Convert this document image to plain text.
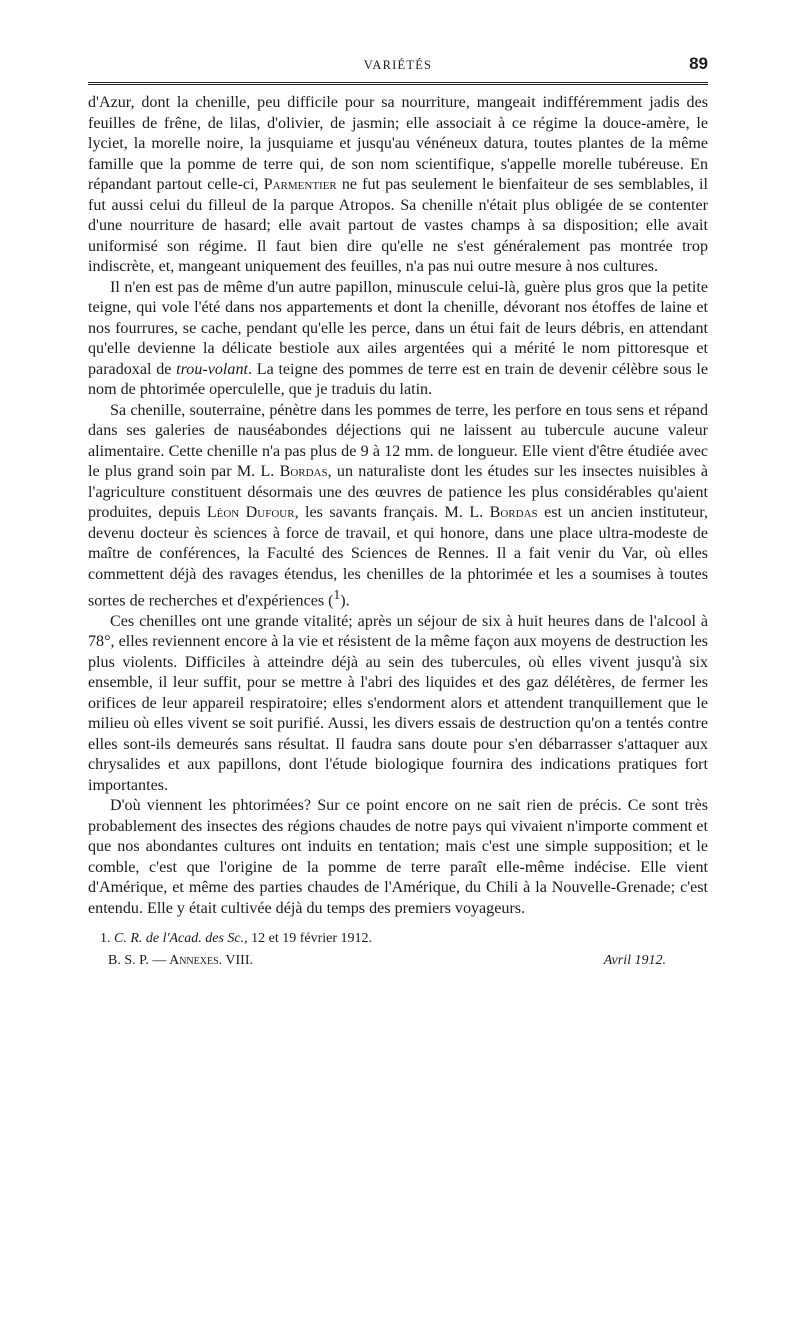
VARIÉTÉS	89

d'Azur, dont la chenille, peu difficile pour sa nourriture, mangeait indifféremment jadis des feuilles de frêne, de lilas, d'olivier, de jasmin; elle associait à ce régime la douce-amère, le lyciet, la morelle noire, la jusquiame et jusqu'au vénéneux datura, toutes plantes de la même famille que la pomme de terre qui, de son nom scientifique, s'appelle morelle tubéreuse. En répandant partout celle-ci, Parmentier ne fut pas seulement le bienfaiteur de ses semblables, il fut aussi celui du filleul de la parque Atropos. Sa chenille n'était plus obligée de se contenter d'une nourriture de hasard; elle avait partout de vastes champs à sa disposition; elle avait uniformisé son régime. Il faut bien dire qu'elle ne s'est généralement pas montrée trop indiscrète, et, mangeant uniquement des feuilles, n'a pas nui outre mesure à nos cultures.

Il n'en est pas de même d'un autre papillon, minuscule celui-là, guère plus gros que la petite teigne, qui vole l'été dans nos appartements et dont la chenille, dévorant nos étoffes de laine et nos fourrures, se cache, pendant qu'elle les perce, dans un étui fait de leurs débris, en attendant qu'elle devienne la délicate bestiole aux ailes argentées qui a mérité le nom pittoresque et paradoxal de trou-volant. La teigne des pommes de terre est en train de devenir célèbre sous le nom de phtorimée operculelle, que je traduis du latin.

Sa chenille, souterraine, pénètre dans les pommes de terre, les perfore en tous sens et répand dans ses galeries de nauséabondes déjections qui ne laissent au tubercule aucune valeur alimentaire. Cette chenille n'a pas plus de 9 à 12 mm. de longueur. Elle vient d'être étudiée avec le plus grand soin par M. L. Bordas, un naturaliste dont les études sur les insectes nuisibles à l'agriculture constituent désormais une des œuvres de patience les plus considérables qu'aient produites, depuis Léon Dufour, les savants français. M. L. Bordas est un ancien instituteur, devenu docteur ès sciences à force de travail, et qui honore, dans une place ultra-modeste de maître de conférences, la Faculté des Sciences de Rennes. Il a fait venir du Var, où elles commettent déjà des ravages étendus, les chenilles de la phtorimée et les a soumises à toutes sortes de recherches et d'expériences ($^1$).

Ces chenilles ont une grande vitalité; après un séjour de six à huit heures dans de l'alcool à 78°, elles reviennent encore à la vie et résistent de la même façon aux moyens de destruction les plus violents. Difficiles à atteindre déjà au sein des tubercules, où elles vivent jusqu'à six ensemble, il leur suffit, pour se mettre à l'abri des liquides et des gaz délétères, de fermer les orifices de leur appareil respiratoire; elles s'endorment alors et attendent tranquillement que le milieu où elles vivent se soit purifié. Aussi, les divers essais de destruction qu'on a tentés contre elles sont-ils demeurés sans résultat. Il faudra sans doute pour s'en débarrasser s'attaquer aux chrysalides et aux papillons, dont l'étude biologique fournira des indications pratiques fort importantes.

D'où viennent les phtorimées? Sur ce point encore on ne sait rien de précis. Ce sont très probablement des insectes des régions chaudes de notre pays qui vivaient n'importe comment et que nos abondantes cultures ont induits en tentation; mais c'est une simple supposition; et le comble, c'est que l'origine de la pomme de terre paraît elle-même indécise. Elle vient d'Amérique, et même des parties chaudes de l'Amérique, du Chili à la Nouvelle-Grenade; c'est entendu. Elle y était cultivée déjà du temps des premiers voyageurs.

1. C. R. de l'Acad. des Sc., 12 et 19 février 1912.
B. S. P. — Annexes. VIII.	Avril 1912.
